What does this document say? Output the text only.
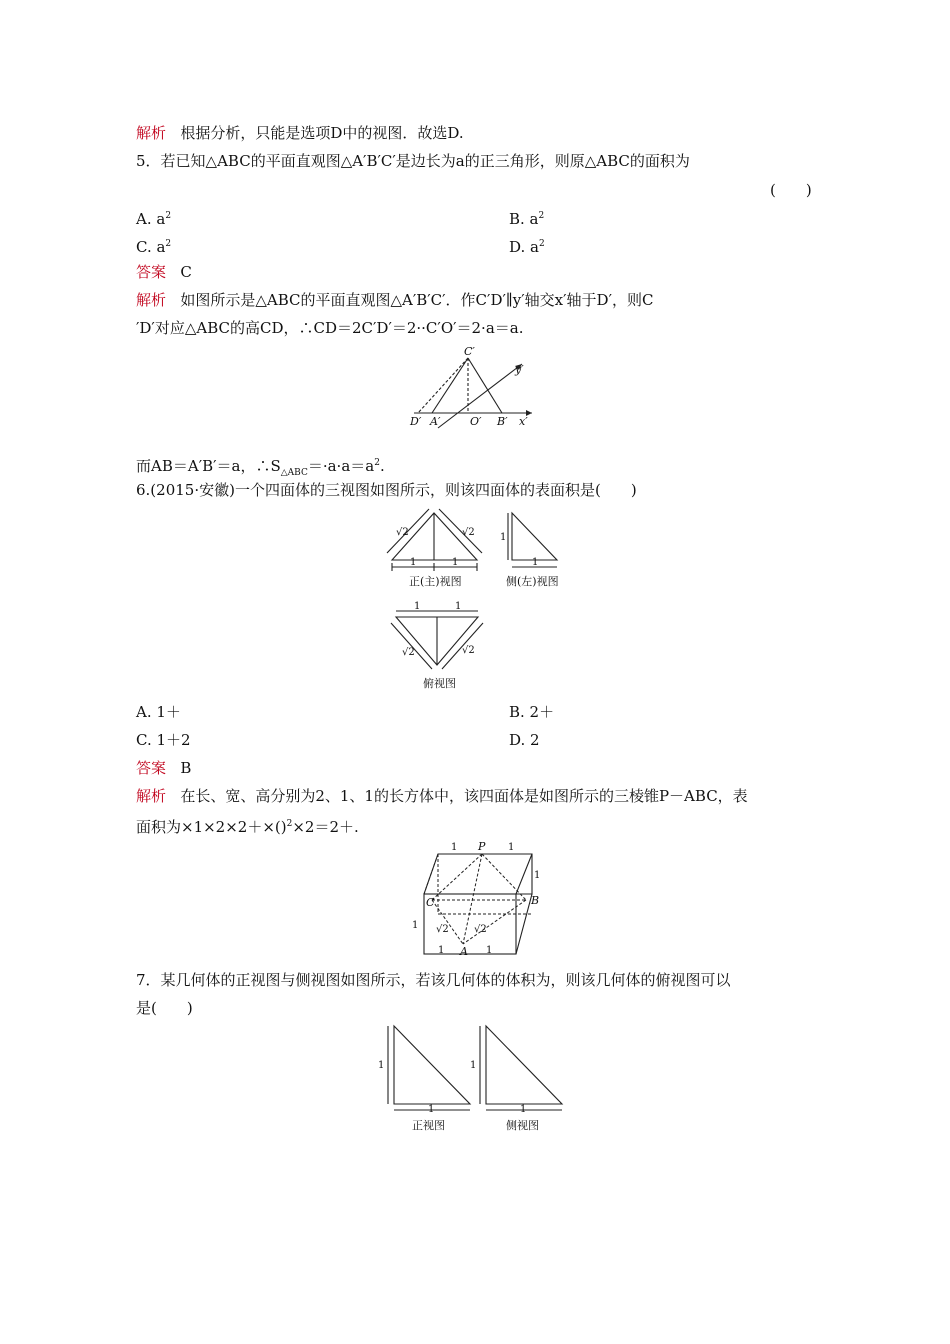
解析 根据分析，只能是选项D中的视图．故选D.
5．若已知△ABC的平面直观图△A′B′C′是边长为a的正三角形，则原△ABC的面积为
(　　)
A. $a^2$	B. $a^2$
C. $a^2$	D. $a^2$
答案 C
解析 如图所示是△ABC的平面直观图△A′B′C′．作C′D′∥y′轴交x′轴于D′，则C
′D′对应△ABC的高CD，∴CD＝2C′D′＝2··C′O′＝2·a＝a.
C′
y′
D′ A′	O′ B′ x′
而AB＝A′B′＝a，$\therefore S_{\triangle ABC}=\cdot a\cdot a=a^2$.
6.(2015·安徽)一个四面体的三视图如图所示，则该四面体的表面积是(　　)
√2	√2
1	1
1
1
1	1
√2	√2
正(主)视图	侧(左)视图
俯视图
A. 1＋	B. 2＋
C. 1＋2	D. 2
答案 B
解析 在长、宽、高分别为2、1、1的长方体中，该四面体是如图所示的三棱锥P－ABC，表
面积为×1×2×2＋×()$^2$×2＝2＋.
1	1
1
1
1	1
√2	√2
P
B
C
A
7．某几何体的正视图与侧视图如图所示，若该几何体的体积为，则该几何体的俯视图可以
是(　　)
1
1
1
1
正视图	侧视图
